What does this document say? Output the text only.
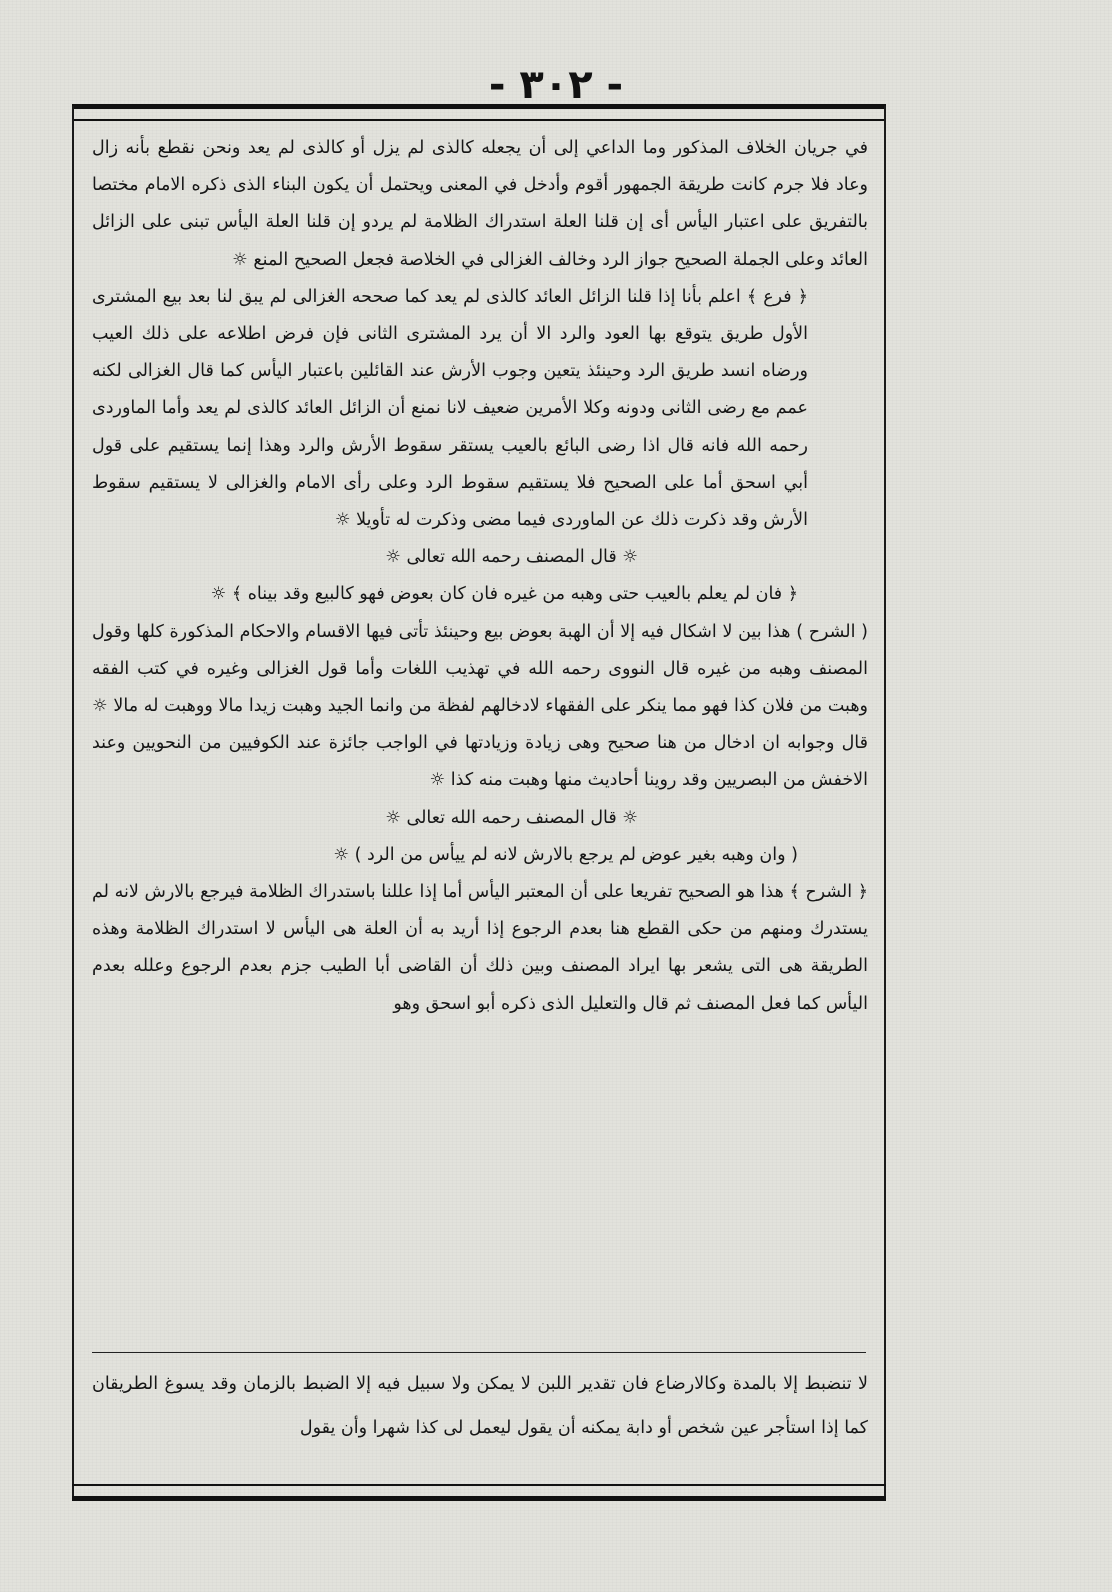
- ٣٠٢ -

في جريان الخلاف المذكور وما الداعي إلى أن يجعله كالذى لم يزل أو كالذى لم يعد ونحن نقطع بأنه زال وعاد فلا جرم كانت طريقة الجمهور أقوم وأدخل في المعنى ويحتمل أن يكون البناء الذى ذكره الامام مختصا بالتفريق على اعتبار اليأس أى إن قلنا العلة استدراك الظلامة لم يردو إن قلنا العلة اليأس تبنى على الزائل العائد وعلى الجملة الصحيح جواز الرد وخالف الغزالى في الخلاصة فجعل الصحيح المنع ☼

﴿ فرع ﴾ اعلم بأنا إذا قلنا الزائل العائد كالذى لم يعد كما صححه الغزالى لم يبق لنا بعد بيع المشترى الأول طريق يتوقع بها العود والرد الا أن يرد المشترى الثانى فإن فرض اطلاعه على ذلك العيب ورضاه انسد طريق الرد وحينئذ يتعين وجوب الأرش عند القائلين باعتبار اليأس كما قال الغزالى لكنه عمم مع رضى الثانى ودونه وكلا الأمرين ضعيف لانا نمنع أن الزائل العائد كالذى لم يعد وأما الماوردى رحمه الله فانه قال اذا رضى البائع بالعيب يستقر سقوط الأرش والرد وهذا إنما يستقيم على قول أبي اسحق أما على الصحيح فلا يستقيم سقوط الرد وعلى رأى الامام والغزالى لا يستقيم سقوط الأرش وقد ذكرت ذلك عن الماوردى فيما مضى وذكرت له تأويلا ☼

☼ قال المصنف رحمه الله تعالى ☼

﴿ فان لم يعلم بالعيب حتى وهبه من غيره فان كان بعوض فهو كالبيع وقد بيناه ﴾ ☼

( الشرح ) هذا بين لا اشكال فيه إلا أن الهبة بعوض بيع وحينئذ تأتى فيها الاقسام والاحكام المذكورة كلها وقول المصنف وهبه من غيره قال النووى رحمه الله في تهذيب اللغات وأما قول الغزالى وغيره في كتب الفقه وهبت من فلان كذا فهو مما ينكر على الفقهاء لادخالهم لفظة من وانما الجيد وهبت زيدا مالا ووهبت له مالا ☼ قال وجوابه ان ادخال من هنا صحيح وهى زيادة وزيادتها في الواجب جائزة عند الكوفيين من النحويين وعند الاخفش من البصريين وقد روينا أحاديث منها وهبت منه كذا ☼

☼ قال المصنف رحمه الله تعالى ☼

( وان وهبه بغير عوض لم يرجع بالارش لانه لم ييأس من الرد ) ☼

﴿ الشرح ﴾ هذا هو الصحيح تفريعا على أن المعتبر اليأس أما إذا عللنا باستدراك الظلامة فيرجع بالارش لانه لم يستدرك ومنهم من حكى القطع هنا بعدم الرجوع إذا أريد به أن العلة هى اليأس لا استدراك الظلامة وهذه الطريقة هى التى يشعر بها ايراد المصنف وبين ذلك أن القاضى أبا الطيب جزم بعدم الرجوع وعلله بعدم اليأس كما فعل المصنف ثم قال والتعليل الذى ذكره أبو اسحق وهو

لا تنضبط إلا بالمدة وكالارضاع فان تقدير اللبن لا يمكن ولا سبيل فيه إلا الضبط بالزمان وقد يسوغ الطريقان كما إذا استأجر عين شخص أو دابة يمكنه أن يقول ليعمل لى كذا شهرا وأن يقول
